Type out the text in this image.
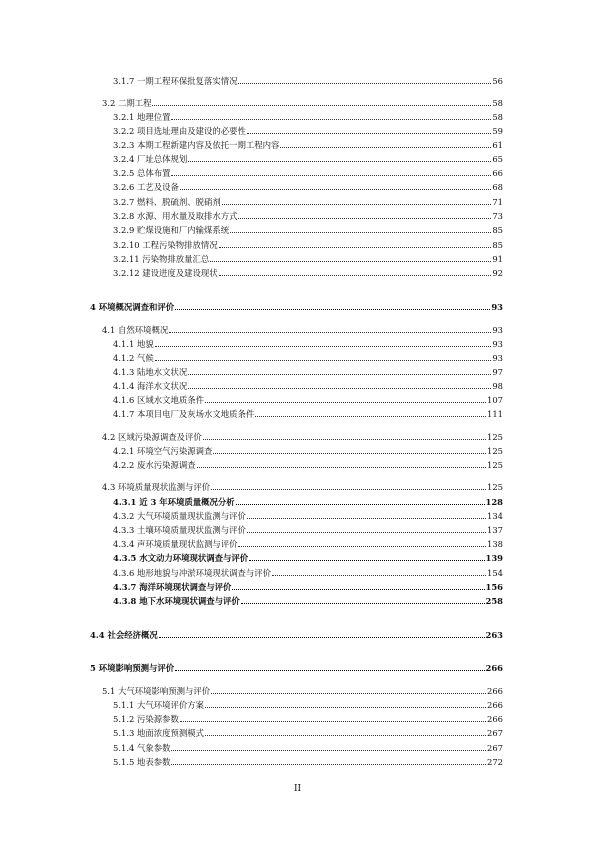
3.1.7 一期工程环保批复落实情况	56
3.2 二期工程	58
3.2.1 地理位置	58
3.2.2 项目选址理由及建设的必要性	59
3.2.3 本期工程新建内容及依托一期工程内容	61
3.2.4 厂址总体规划	65
3.2.5 总体布置	66
3.2.6 工艺及设备	68
3.2.7 燃料、脱硫剂、脱硝剂	71
3.2.8 水源、用水量及取排水方式	73
3.2.9 贮煤设施和厂内输煤系统	85
3.2.10 工程污染物排放情况	85
3.2.11 污染物排放量汇总	91
3.2.12 建设进度及建设现状	92
4 环境概况调查和评价	93
4.1 自然环境概况	93
4.1.1 地貌	93
4.1.2 气候	93
4.1.3 陆地水文状况	97
4.1.4 海洋水文状况	98
4.1.6 区域水文地质条件	107
4.1.7 本项目电厂及灰场水文地质条件	111
4.2 区域污染源调查及评价	125
4.2.1 环境空气污染源调查	125
4.2.2 废水污染源调查	125
4.3 环境质量现状监测与评价	125
4.3.1 近 3 年环境质量概况分析	128
4.3.2 大气环境质量现状监测与评价	134
4.3.3 土壤环境质量现状监测与评价	137
4.3.4 声环境质量现状监测与评价	138
4.3.5 水文动力环境现状调查与评价	139
4.3.6 地形地貌与冲淤环境现状调查与评价	154
4.3.7 海洋环境现状调查与评价	156
4.3.8 地下水环境现状调查与评价	258
4.4 社会经济概况	263
5 环境影响预测与评价	266
5.1 大气环境影响预测与评价	266
5.1.1 大气环境评价方案	266
5.1.2 污染源参数	266
5.1.3 地面浓度预测模式	267
5.1.4 气象参数	267
5.1.5 地表参数	272
II
